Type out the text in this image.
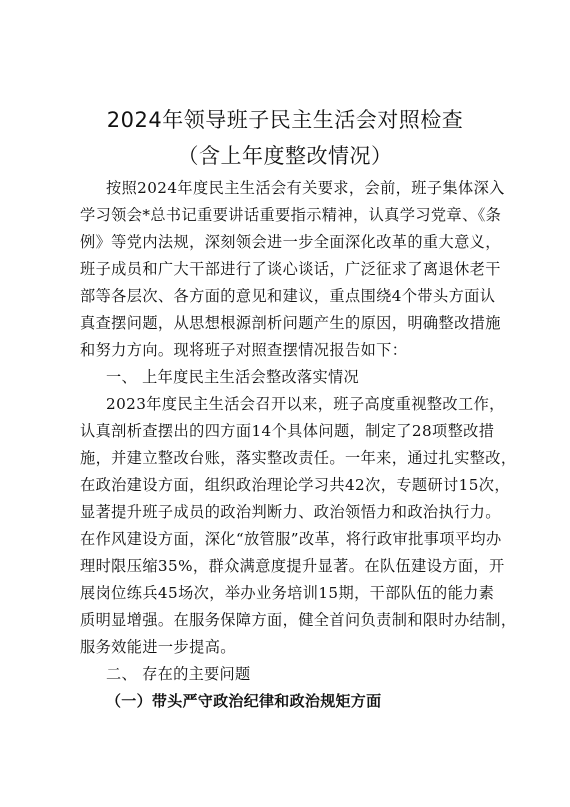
2024年领导班子民主生活会对照检查
（含上年度整改情况）
按照2024年度民主生活会有关要求，会前，班子集体深入
学习领会*总书记重要讲话重要指示精神，认真学习党章、《条
例》等党内法规，深刻领会进一步全面深化改革的重大意义，
班子成员和广大干部进行了谈心谈话，广泛征求了离退休老干
部等各层次、各方面的意见和建议，重点围绕4个带头方面认
真查摆问题，从思想根源剖析问题产生的原因，明确整改措施
和努力方向。现将班子对照查摆情况报告如下：
一、 上年度民主生活会整改落实情况
2023年度民主生活会召开以来，班子高度重视整改工作，
认真剖析查摆出的四方面14个具体问题，制定了28项整改措
施，并建立整改台账，落实整改责任。一年来，通过扎实整改，
在政治建设方面，组织政治理论学习共42次，专题研讨15次，
显著提升班子成员的政治判断力、政治领悟力和政治执行力。
在作风建设方面，深化“放管服”改革，将行政审批事项平均办
理时限压缩35%，群众满意度提升显著。在队伍建设方面，开
展岗位练兵45场次，举办业务培训15期，干部队伍的能力素
质明显增强。在服务保障方面，健全首问负责制和限时办结制，
服务效能进一步提高。
二、 存在的主要问题
（一）带头严守政治纪律和政治规矩方面
